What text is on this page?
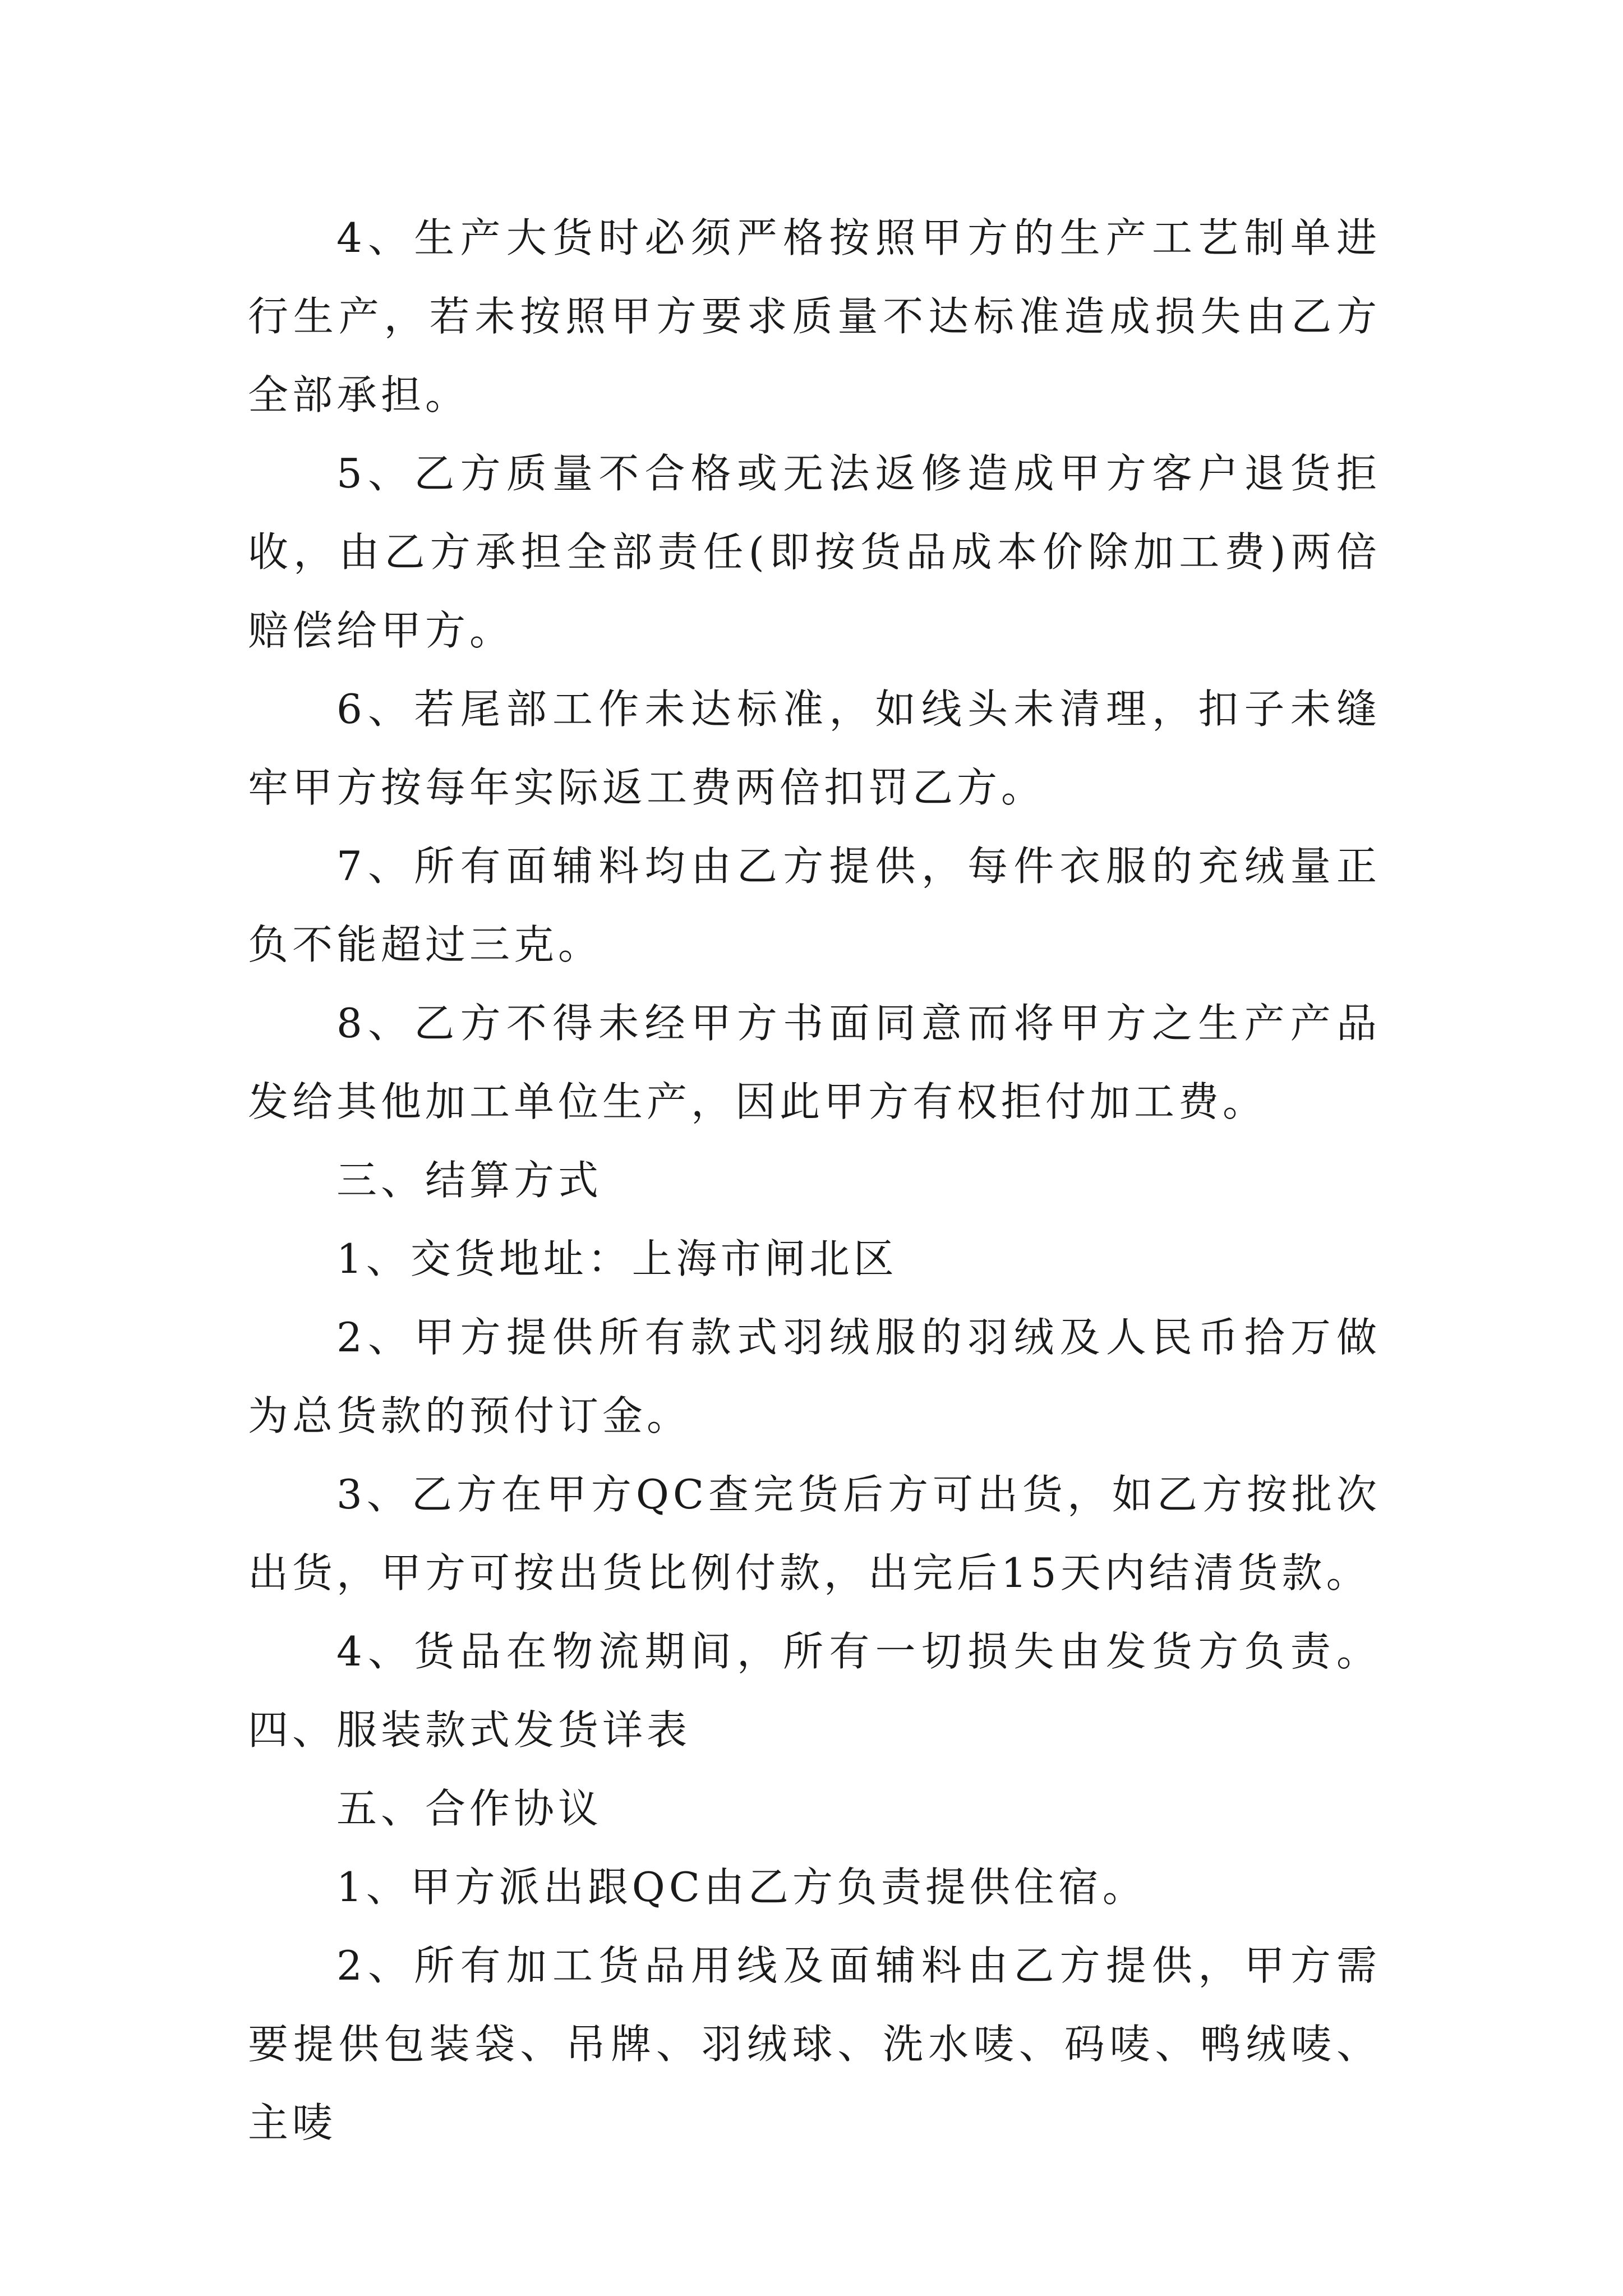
4、生产大货时必须严格按照甲方的生产工艺制单进行生产，若未按照甲方要求质量不达标准造成损失由乙方全部承担。

5、乙方质量不合格或无法返修造成甲方客户退货拒收，由乙方承担全部责任(即按货品成本价除加工费)两倍赔偿给甲方。

6、若尾部工作未达标准，如线头未清理，扣子未缝牢甲方按每年实际返工费两倍扣罚乙方。

7、所有面辅料均由乙方提供，每件衣服的充绒量正负不能超过三克。

8、乙方不得未经甲方书面同意而将甲方之生产产品发给其他加工单位生产，因此甲方有权拒付加工费。

三、结算方式

1、交货地址：上海市闸北区

2、甲方提供所有款式羽绒服的羽绒及人民币拾万做为总货款的预付订金。

3、乙方在甲方QC查完货后方可出货，如乙方按批次出货，甲方可按出货比例付款，出完后15天内结清货款。

4、货品在物流期间，所有一切损失由发货方负责。 四、服装款式发货详表

五、合作协议

1、甲方派出跟QC由乙方负责提供住宿。

2、所有加工货品用线及面辅料由乙方提供，甲方需要提供包装袋、吊牌、羽绒球、洗水唛、码唛、鸭绒唛、主唛
